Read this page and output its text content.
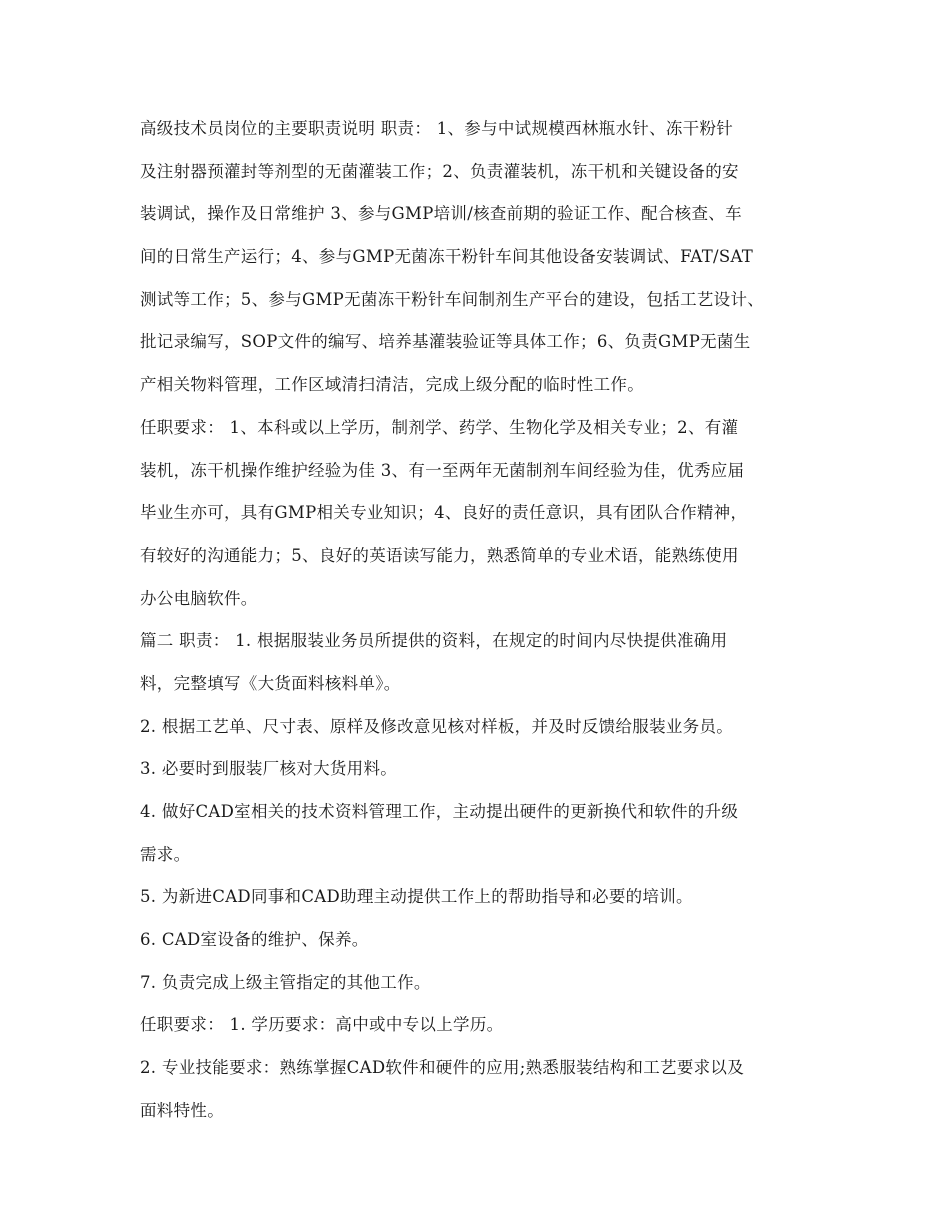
高级技术员岗位的主要职责说明 职责： 1、参与中试规模西林瓶水针、冻干粉针
及注射器预灌封等剂型的无菌灌装工作；2、负责灌装机，冻干机和关键设备的安
装调试，操作及日常维护 3、参与GMP培训/核查前期的验证工作、配合核查、车
间的日常生产运行；4、参与GMP无菌冻干粉针车间其他设备安装调试、FAT/SAT
测试等工作；5、参与GMP无菌冻干粉针车间制剂生产平台的建设，包括工艺设计、
批记录编写，SOP文件的编写、培养基灌装验证等具体工作；6、负责GMP无菌生
产相关物料管理，工作区域清扫清洁，完成上级分配的临时性工作。
任职要求： 1、本科或以上学历，制剂学、药学、生物化学及相关专业；2、有灌
装机，冻干机操作维护经验为佳 3、有一至两年无菌制剂车间经验为佳，优秀应届
毕业生亦可，具有GMP相关专业知识；4、良好的责任意识，具有团队合作精神，
有较好的沟通能力；5、良好的英语读写能力，熟悉简单的专业术语，能熟练使用
办公电脑软件。
篇二 职责： 1. 根据服装业务员所提供的资料，在规定的时间内尽快提供准确用
料，完整填写《大货面料核料单》。
2. 根据工艺单、尺寸表、原样及修改意见核对样板，并及时反馈给服装业务员。
3. 必要时到服装厂核对大货用料。
4. 做好CAD室相关的技术资料管理工作，主动提出硬件的更新换代和软件的升级
需求。
5. 为新进CAD同事和CAD助理主动提供工作上的帮助指导和必要的培训。
6. CAD室设备的维护、保养。
7. 负责完成上级主管指定的其他工作。
任职要求： 1. 学历要求：高中或中专以上学历。
2. 专业技能要求：熟练掌握CAD软件和硬件的应用;熟悉服装结构和工艺要求以及
面料特性。
